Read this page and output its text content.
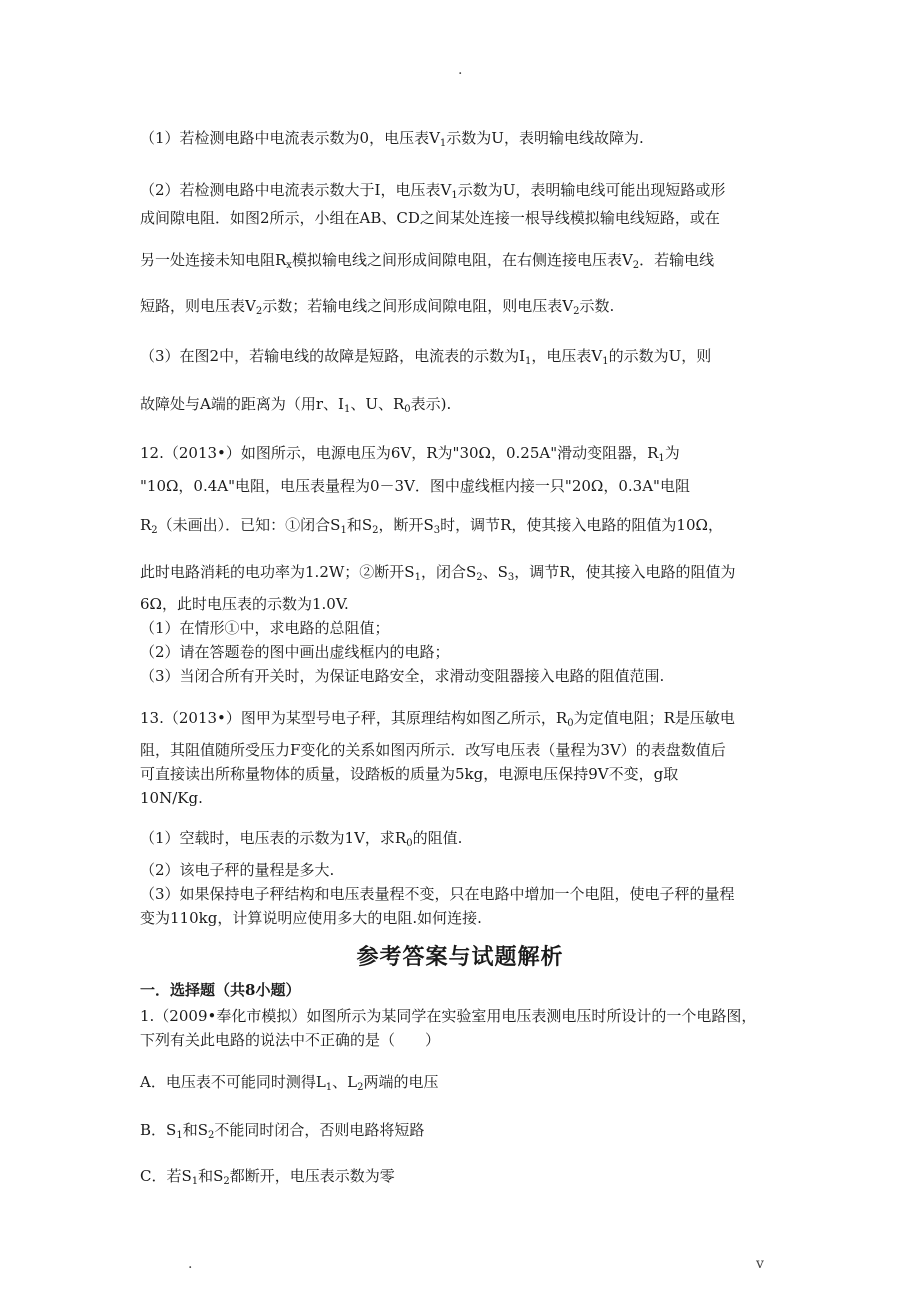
.
（1）若检测电路中电流表示数为0，电压表$V_1$示数为U，表明输电线故障为.
（2）若检测电路中电流表示数大于I，电压表$V_1$示数为U，表明输电线可能出现短路或形
成间隙电阻．如图2所示，小组在AB、CD之间某处连接一根导线模拟输电线短路，或在
另一处连接未知电阻$R_x$模拟输电线之间形成间隙电阻，在右侧连接电压表$V_2$．若输电线
短路，则电压表$V_2$示数；若输电线之间形成间隙电阻，则电压表$V_2$示数.
（3）在图2中，若输电线的故障是短路，电流表的示数为$I_1$，电压表$V_1$的示数为U，则
故障处与A端的距离为（用r、$I_1$、U、$R_0$表示).
12.（2013•）如图所示，电源电压为6V，R为"30Ω，0.25A"滑动变阻器，$R_1$为
"10Ω，0.4A"电阻，电压表量程为0－3V．图中虚线框内接一只"20Ω，0.3A"电阻
$R_2$（未画出）．已知：①闭合$S_1$和$S_2$，断开$S_3$时，调节R，使其接入电路的阻值为10Ω，
此时电路消耗的电功率为1.2W；②断开$S_1$，闭合$S_2$、$S_3$，调节R，使其接入电路的阻值为
6Ω，此时电压表的示数为1.0V.
（1）在情形①中，求电路的总阻值；
（2）请在答题卷的图中画出虚线框内的电路；
（3）当闭合所有开关时，为保证电路安全，求滑动变阻器接入电路的阻值范围.
13.（2013•）图甲为某型号电子秤，其原理结构如图乙所示，$R_0$为定值电阻；R是压敏电
阻，其阻值随所受压力F变化的关系如图丙所示．改写电压表（量程为3V）的表盘数值后
可直接读出所称量物体的质量，设踏板的质量为5kg，电源电压保持9V不变，g取
10N/Kg.
（1）空载时，电压表的示数为1V，求$R_0$的阻值.
（2）该电子秤的量程是多大.
（3）如果保持电子秤结构和电压表量程不变，只在电路中增加一个电阻，使电子秤的量程
变为110kg，计算说明应使用多大的电阻.如何连接.
一．选择题（共8小题）
1.（2009•奉化市模拟）如图所示为某同学在实验室用电压表测电压时所设计的一个电路图，
下列有关此电路的说法中不正确的是（　　）
A．电压表不可能同时测得$L_1$、$L_2$两端的电压
B．$S_1$和$S_2$不能同时闭合，否则电路将短路
C．若$S_1$和$S_2$都断开，电压表示数为零
参考答案与试题解析
.	v
